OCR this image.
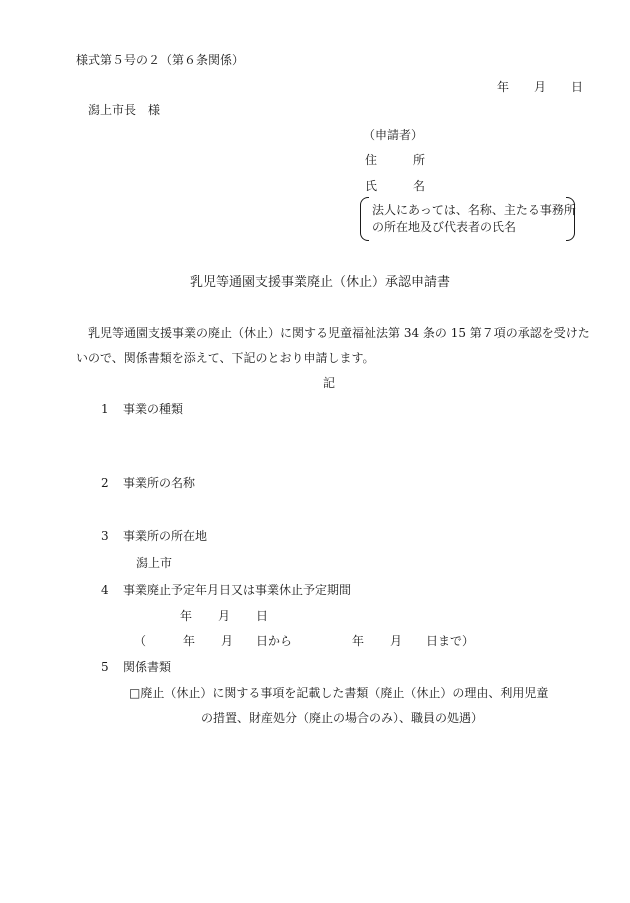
様式第５号の２（第６条関係）
年 月 日
潟上市長　様
（申請者）
住　　　所
氏　　　名
法人にあっては、名称、主たる事務所
の所在地及び代表者の氏名
乳児等通園支援事業廃止（休止）承認申請書
乳児等通園支援事業の廃止（休止）に関する児童福祉法第 34 条の 15 第７項の承認を受けた
いので、関係書類を添えて、下記のとおり申請します。
記
1 事業の種類
2 事業所の名称
3 事業所の所在地
潟上市
4 事業廃止予定年月日又は事業休止予定期間
年 月 日
（	年 月 日から	年 月 日まで）
5 関係書類
□廃止（休止）に関する事項を記載した書類（廃止（休止）の理由、利用児童
の措置、財産処分（廃止の場合のみ）、職員の処遇）
